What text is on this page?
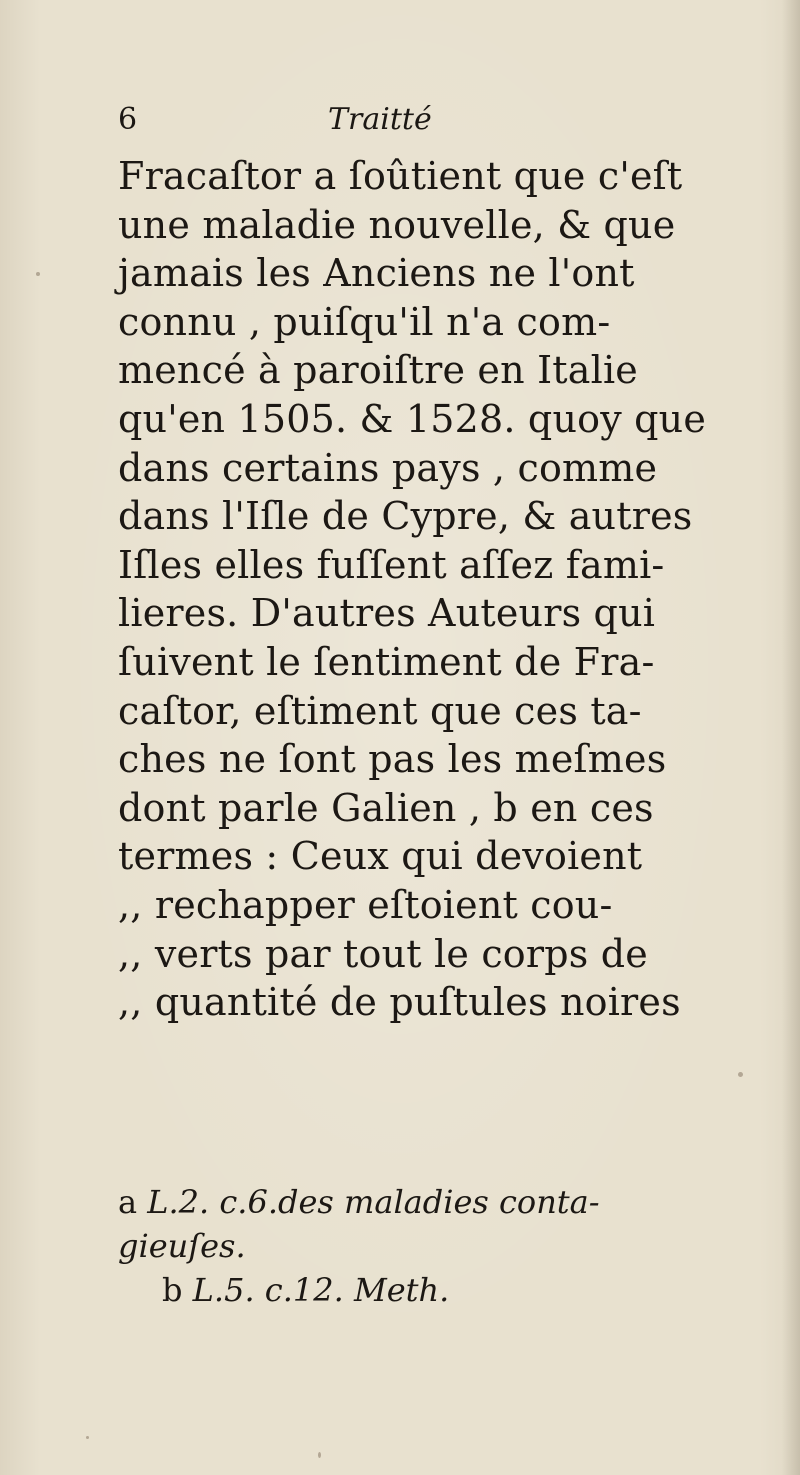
6	Traitté
Fracaſtor a ſoûtient que c'eſt
une maladie nouvelle, & que
jamais les Anciens ne l'ont
connu , puiſqu'il n'a com-
mencé à paroiſtre en Italie
qu'en 1505. & 1528. quoy que
dans certains pays , comme
dans l'Iſle de Cypre, & autres
Iſles elles fuſſent aſſez fami-
lieres. D'autres Auteurs qui
ſuivent le ſentiment de Fra-
caſtor, eſtiment que ces ta-
ches ne ſont pas les meſmes
dont parle Galien , b en ces
termes : Ceux qui devoient
,, rechapper eſtoient cou-
,, verts par tout le corps de
,, quantité de puſtules noires
a L.2. c.6.des maladies conta-
gieuſes.
b L.5. c.12. Meth.
